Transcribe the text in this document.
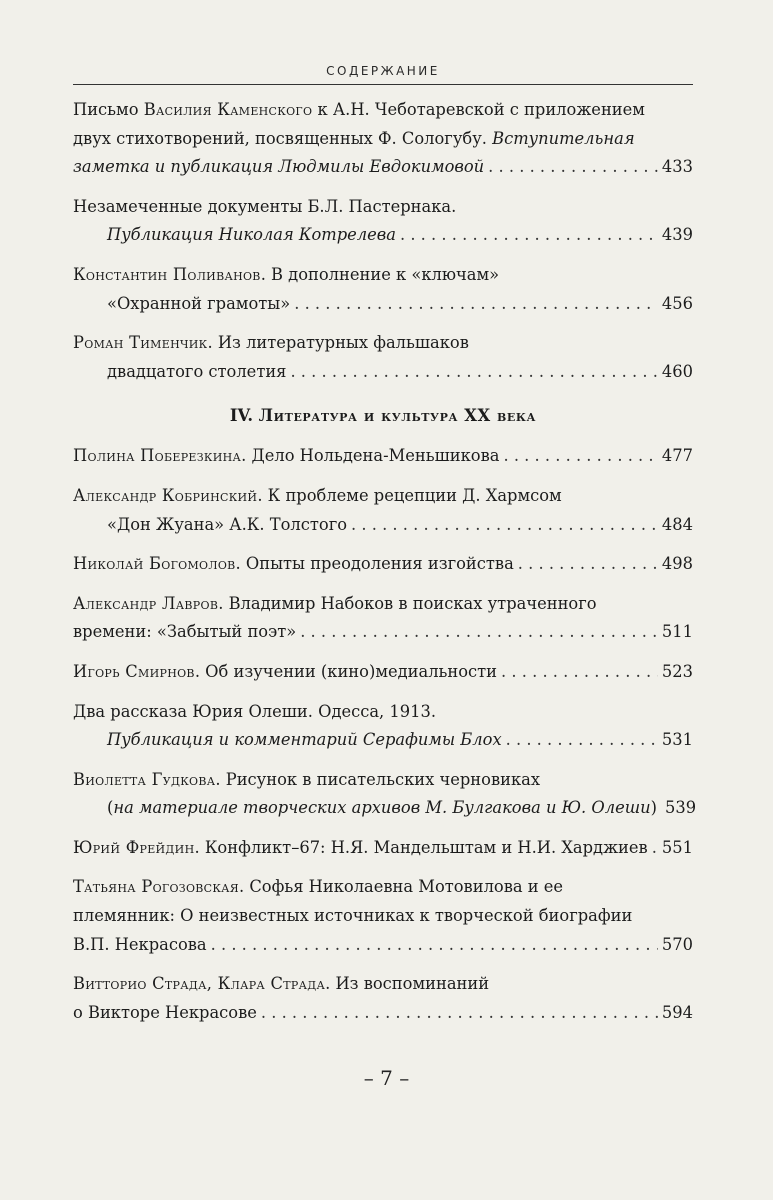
СОДЕРЖАНИЕ
Письмо Василия Каменского к А.Н. Чеботаревской с приложением
двух стихотворений, посвященных Ф. Сологубу. Вступительная
заметка и публикация Людмилы Евдокимовой . . .	433
Незамеченные документы Б.Л. Пастернака.
Публикация Николая Котрелева . . .	439
Константин Поливанов. В дополнение к «ключам»
«Охранной грамоты» . . .	456
Роман Тименчик. Из литературных фальшаков
двадцатого столетия . . .	460
IV. Литература и культура XX века
Полина Поберезкина. Дело Нольдена-Меньшикова . . .	477
Александр Кобринский. К проблеме рецепции Д. Хармсом
«Дон Жуана» А.К. Толстого . . .	484
Николай Богомолов. Опыты преодоления изгойства . . .	498
Александр Лавров. Владимир Набоков в поисках утраченного
времени: «Забытый поэт» . . .	511
Игорь Смирнов. Об изучении (кино)медиальности . . .	523
Два рассказа Юрия Олеши. Одесса, 1913.
Публикация и комментарий Серафимы Блох . . .	531
Виолетта Гудкова. Рисунок в писательских черновиках
(на материале творческих архивов М. Булгакова и Ю. Олеши) 539
Юрий Фрейдин. Конфликт–67: Н.Я. Мандельштам и Н.И. Харджиев . . . 551
Татьяна Рогозовская. Софья Николаевна Мотовилова и ее
племянник: О неизвестных источниках к творческой биографии
В.П. Некрасова . . .	570
Витторио Страда, Клара Страда. Из воспоминаний
о Викторе Некрасове . . .	594
– 7 –
